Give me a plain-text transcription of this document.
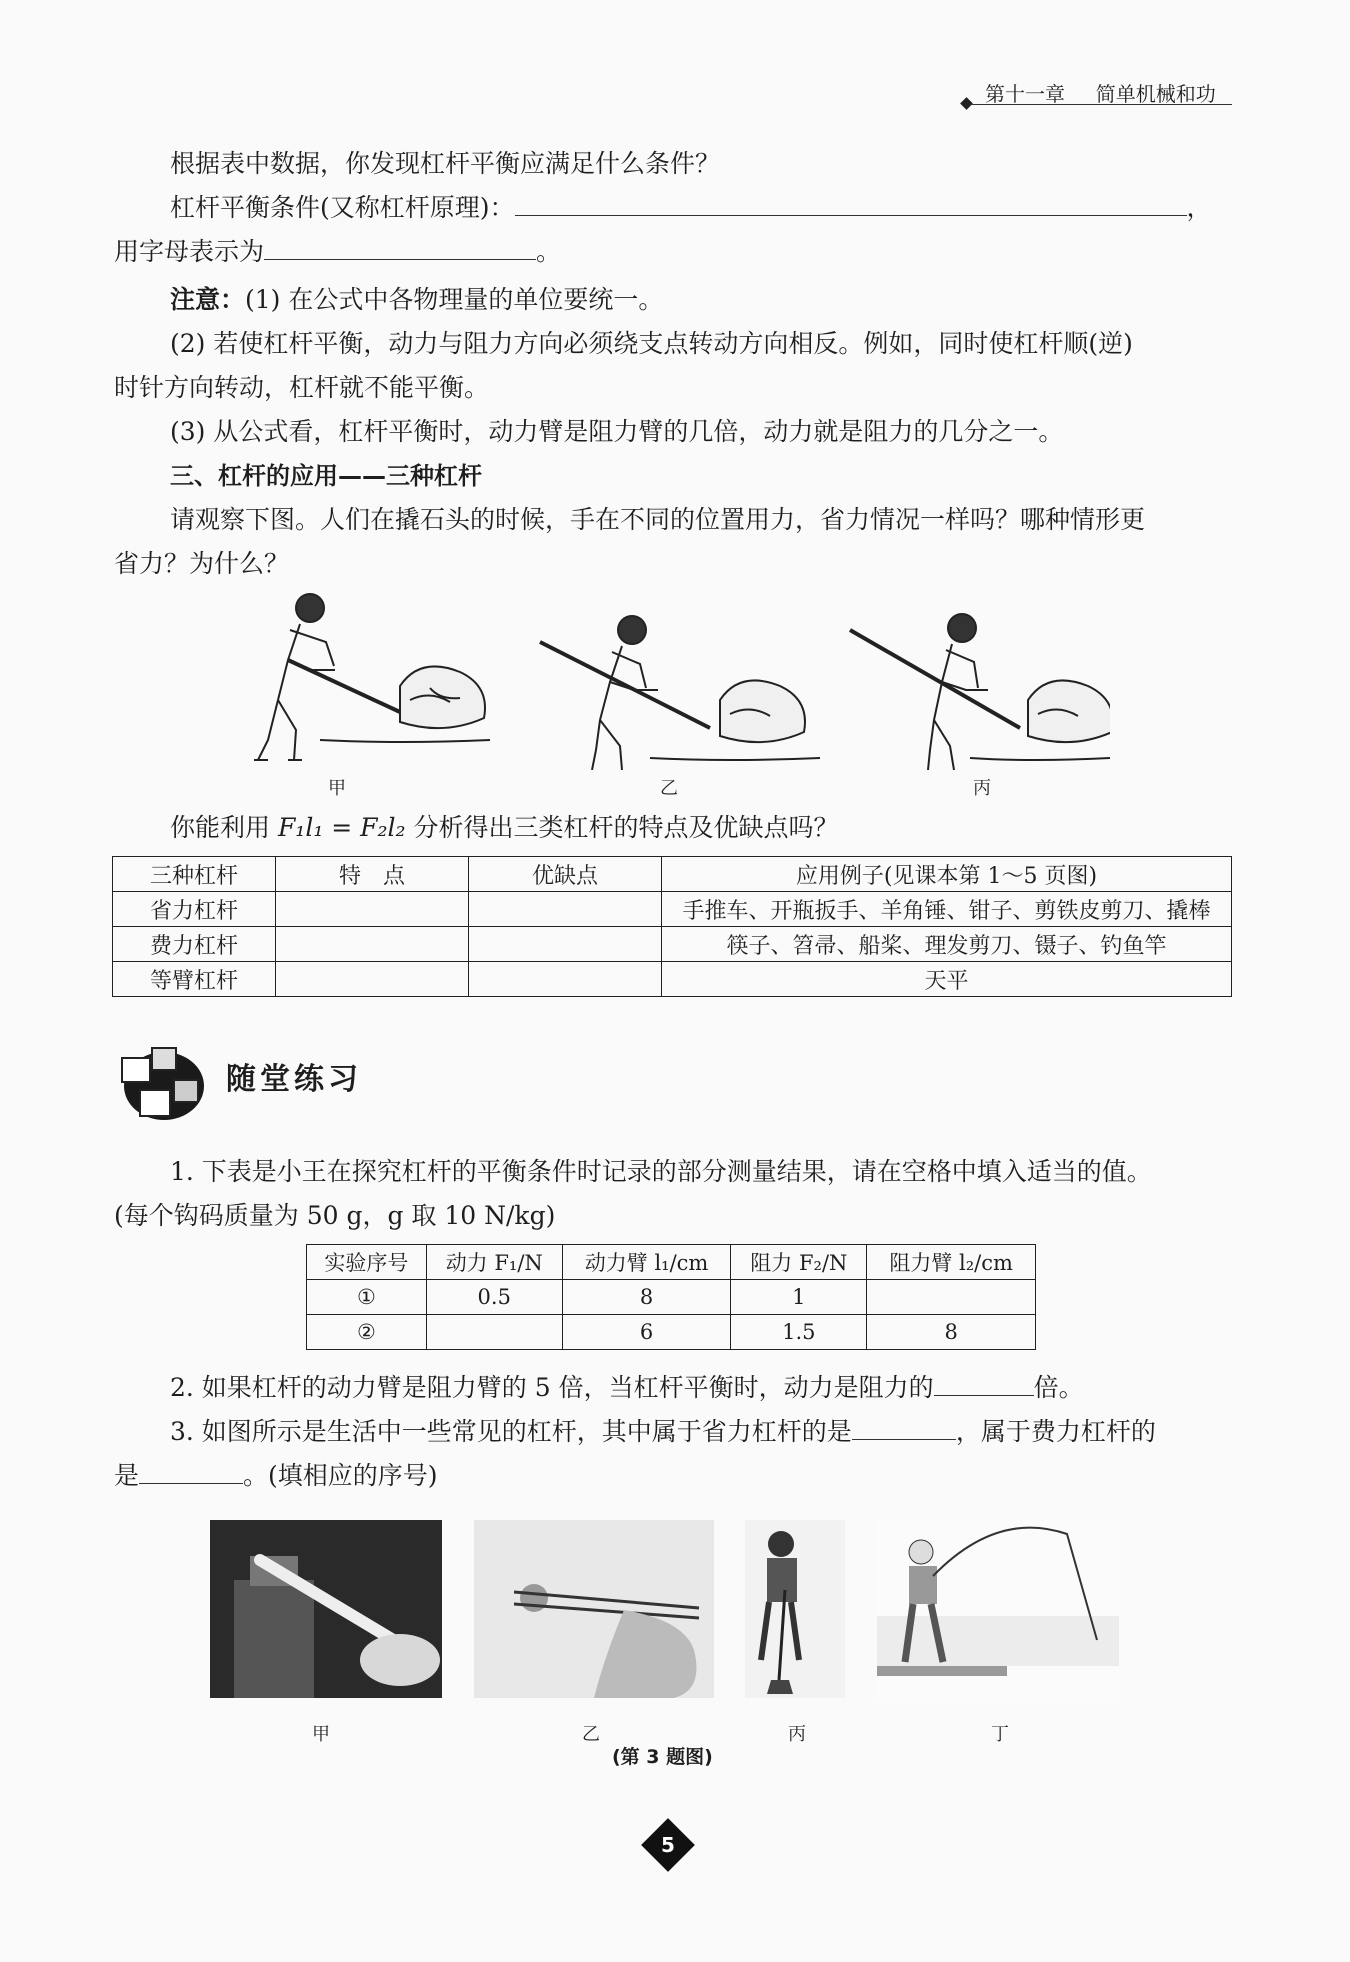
第十一章 简单机械和功
根据表中数据，你发现杠杆平衡应满足什么条件？
杠杆平衡条件(又称杠杆原理)：	，
用字母表示为	。
注意：(1) 在公式中各物理量的单位要统一。
(2) 若使杠杆平衡，动力与阻力方向必须绕支点转动方向相反。例如，同时使杠杆顺(逆)
时针方向转动，杠杆就不能平衡。
(3) 从公式看，杠杆平衡时，动力臂是阻力臂的几倍，动力就是阻力的几分之一。
三、杠杆的应用——三种杠杆
请观察下图。人们在撬石头的时候，手在不同的位置用力，省力情况一样吗？哪种情形更
省力？为什么？
甲	乙	丙
你能利用 F₁l₁ = F₂l₂ 分析得出三类杠杆的特点及优缺点吗？
三种杠杆	特　点	优缺点	应用例子(见课本第 1～5 页图)
省力杠杆			手推车、开瓶扳手、羊角锤、钳子、剪铁皮剪刀、撬棒
费力杠杆			筷子、笤帚、船桨、理发剪刀、镊子、钓鱼竿
等臂杠杆			天平
随堂练习
1. 下表是小王在探究杠杆的平衡条件时记录的部分测量结果，请在空格中填入适当的值。
(每个钩码质量为 50 g，g 取 10 N/kg)
实验序号	动力 F₁/N	动力臂 l₁/cm	阻力 F₂/N	阻力臂 l₂/cm
①	0.5	8	1	
②		6	1.5	8
2. 如果杠杆的动力臂是阻力臂的 5 倍，当杠杆平衡时，动力是阻力的	倍。
3. 如图所示是生活中一些常见的杠杆，其中属于省力杠杆的是	，属于费力杠杆的
是	。(填相应的序号)
甲	乙	丙	丁
(第 3 题图)
5
